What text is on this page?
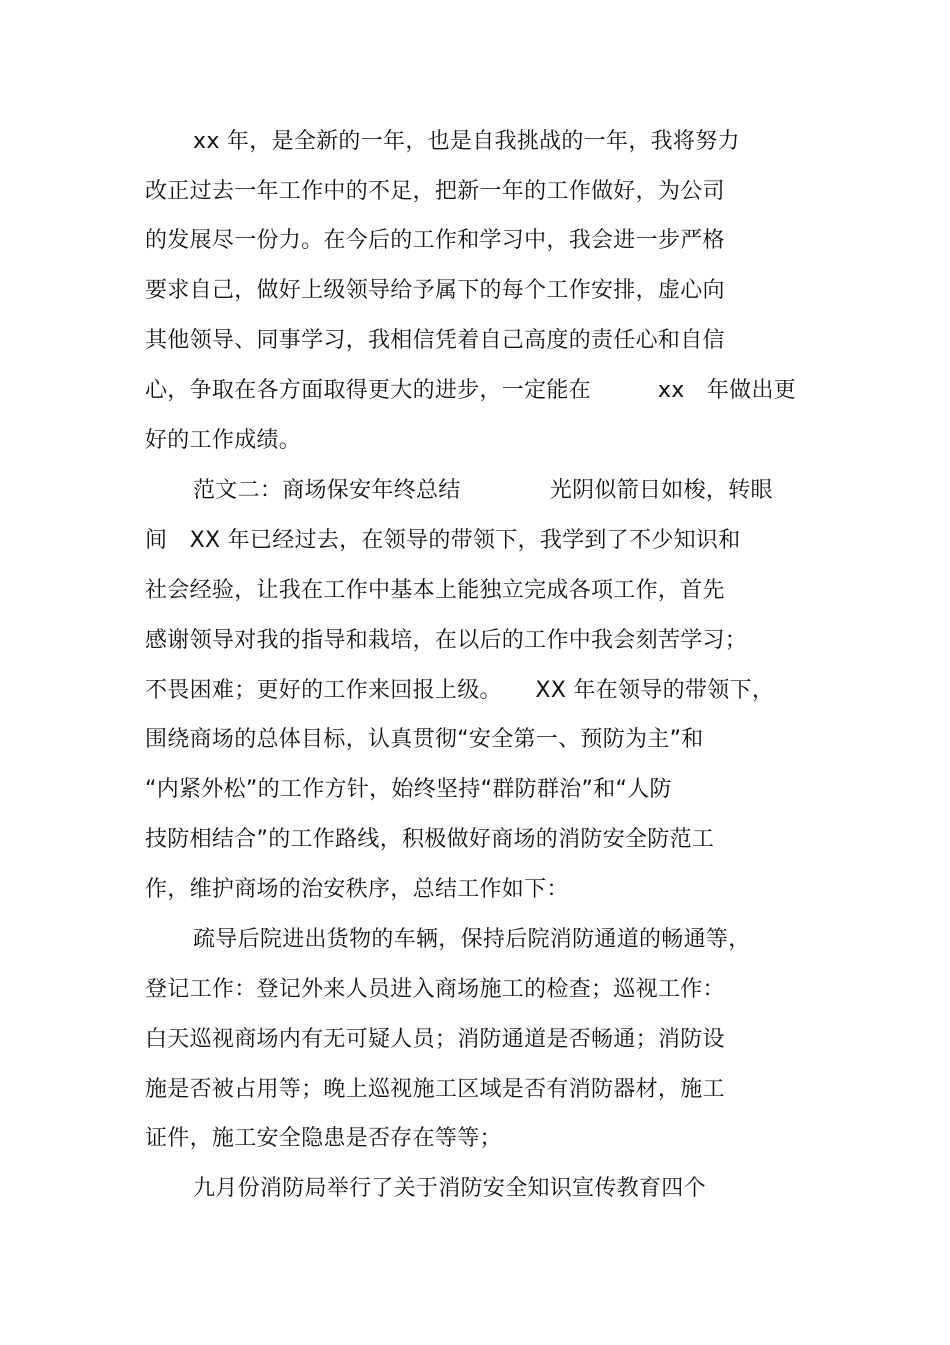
xx 年，是全新的一年，也是自我挑战的一年，我将努力
改正过去一年工作中的不足，把新一年的工作做好，为公司
的发展尽一份力。在今后的工作和学习中，我会进一步严格
要求自己，做好上级领导给予属下的每个工作安排，虚心向
其他领导、同事学习，我相信凭着自己高度的责任心和自信
心，争取在各方面取得更大的进步，一定能在　　　xx　年做出更
好的工作成绩。
范文二：商场保安年终总结　　　　光阴似箭日如梭，转眼
间　XX 年已经过去，在领导的带领下，我学到了不少知识和
社会经验，让我在工作中基本上能独立完成各项工作，首先
感谢领导对我的指导和栽培，在以后的工作中我会刻苦学习；
不畏困难；更好的工作来回报上级。　　XX 年在领导的带领下，
围绕商场的总体目标，认真贯彻“安全第一、预防为主”和
“内紧外松”的工作方针，始终坚持“群防群治”和“人防
技防相结合”的工作路线，积极做好商场的消防安全防范工
作，维护商场的治安秩序，总结工作如下：
疏导后院进出货物的车辆，保持后院消防通道的畅通等，
登记工作：登记外来人员进入商场施工的检查；巡视工作：
白天巡视商场内有无可疑人员；消防通道是否畅通；消防设
施是否被占用等；晚上巡视施工区域是否有消防器材，施工
证件，施工安全隐患是否存在等等；
九月份消防局举行了关于消防安全知识宣传教育四个
